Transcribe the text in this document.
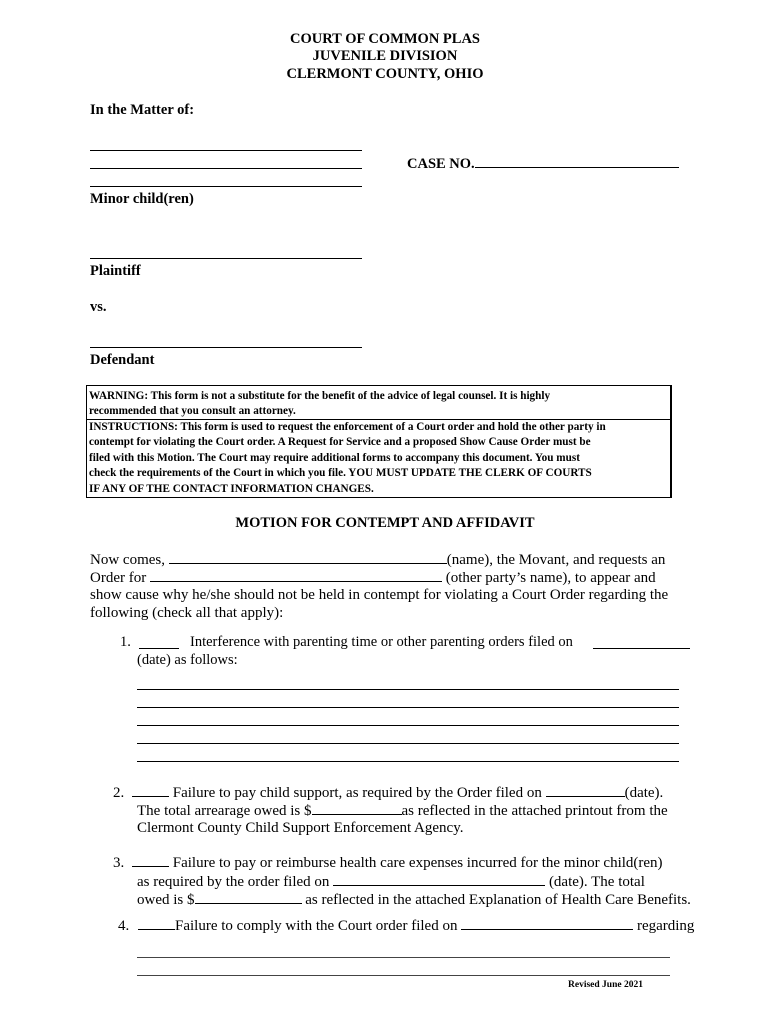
COURT OF COMMON PLAS
JUVENILE DIVISION
CLERMONT COUNTY, OHIO
In the Matter of:
CASE NO.
Minor child(ren)
Plaintiff
vs.
Defendant
WARNING: This form is not a substitute for the benefit of the advice of legal counsel. It is highly
recommended that you consult an attorney.
INSTRUCTIONS: This form is used to request the enforcement of a Court order and hold the other party in
contempt for violating the Court order. A Request for Service and a proposed Show Cause Order must be
filed with this Motion. The Court may require additional forms to accompany this document. You must
check the requirements of the Court in which you file. YOU MUST UPDATE THE CLERK OF COURTS
IF ANY OF THE CONTACT INFORMATION CHANGES.
MOTION FOR CONTEMPT AND AFFIDAVIT
Now comes,	(name), the Movant, and requests an
Order for	(other party’s name), to appear and
show cause why he/she should not be held in contempt for violating a Court Order regarding the
following (check all that apply):
1.	Interference with parenting time or other parenting orders filed on
(date) as follows:
2.	Failure to pay child support, as required by the Order filed on	(date).
The total arrearage owed is $	as reflected in the attached printout from the
Clermont County Child Support Enforcement Agency.
3.	Failure to pay or reimburse health care expenses incurred for the minor child(ren)
as required by the order filed on	(date). The total
owed is $	as reflected in the attached Explanation of Health Care Benefits.
4.	Failure to comply with the Court order filed on	regarding
Revised June 2021
